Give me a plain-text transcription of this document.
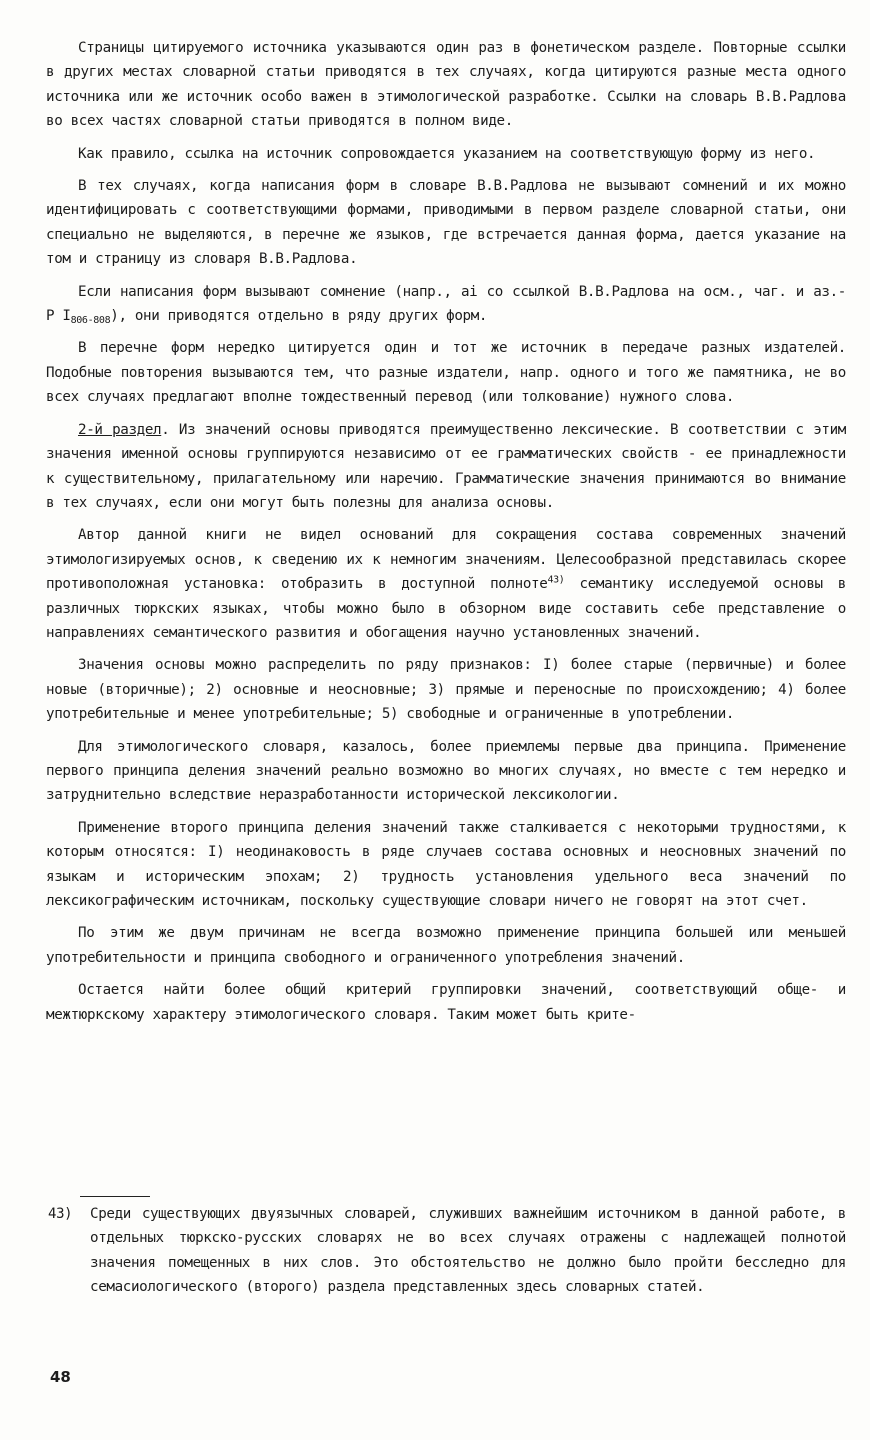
Страницы цитируемого источника указываются один раз в фонетическом разделе. Повторные ссылки в других местах словарной статьи приводятся в тех случаях, когда цитируются разные места одного источника или же источник особо важен в этимологической разработке. Ссылки на словарь В.В.Радлова во всех частях словарной статьи приводятся в полном виде.

Как правило, ссылка на источник сопровождается указанием на соответствующую форму из него.

В тех случаях, когда написания форм в словаре В.В.Радлова не вызывают сомнений и их можно идентифицировать с соответствующими формами, приводимыми в первом разделе словарной статьи, они специально не выделяются, в перечне же языков, где встречается данная форма, дается указание на том и страницу из словаря В.В.Радлова.

Если написания форм вызывают сомнение (напр., ai со ссылкой В.В.Радлова на осм., чаг. и аз.- Р $I_{806-808}$), они приводятся отдельно в ряду других форм.

В перечне форм нередко цитируется один и тот же источник в передаче разных издателей. Подобные повторения вызываются тем, что разные издатели, напр. одного и того же памятника, не во всех случаях предлагают вполне тождественный перевод (или толкование) нужного слова.

2-й раздел. Из значений основы приводятся преимущественно лексические. В соответствии с этим значения именной основы группируются независимо от ее грамматических свойств - ее принадлежности к существительному, прилагательному или наречию. Грамматические значения принимаются во внимание в тех случаях, если они могут быть полезны для анализа основы.

Автор данной книги не видел оснований для сокращения состава современных значений этимологизируемых основ, к сведению их к немногим значениям. Целесообразной представилась скорее противоположная установка: отобразить в доступной полноте$^{43)}$ семантику исследуемой основы в различных тюркских языках, чтобы можно было в обзорном виде составить себе представление о направлениях семантического развития и обогащения научно установленных значений.

Значения основы можно распределить по ряду признаков: I) более старые (первичные) и более новые (вторичные); 2) основные и неосновные; 3) прямые и переносные по происхождению; 4) более употребительные и менее употребительные; 5) свободные и ограниченные в употреблении.

Для этимологического словаря, казалось, более приемлемы первые два принципа. Применение первого принципа деления значений реально возможно во многих случаях, но вместе с тем нередко и затруднительно вследствие неразработанности исторической лексикологии.

Применение второго принципа деления значений также сталкивается с некоторыми трудностями, к которым относятся: I) неодинаковость в ряде случаев состава основных и неосновных значений по языкам и историческим эпохам; 2) трудность установления удельного веса значений по лексикографическим источникам, поскольку существующие словари ничего не говорят на этот счет.

По этим же двум причинам не всегда возможно применение принципа большей или меньшей употребительности и принципа свободного и ограниченного употребления значений.

Остается найти более общий критерий группировки значений, соответствующий обще- и межтюркскому характеру этимологического словаря. Таким может быть крите-

43)	Среди существующих двуязычных словарей, служивших важнейшим источником в данной работе, в отдельных тюркско-русских словарях не во всех случаях отражены с надлежащей полнотой значения помещенных в них слов. Это обстоятельство не должно было пройти бесследно для семасиологического (второго) раздела представленных здесь словарных статей.

48
